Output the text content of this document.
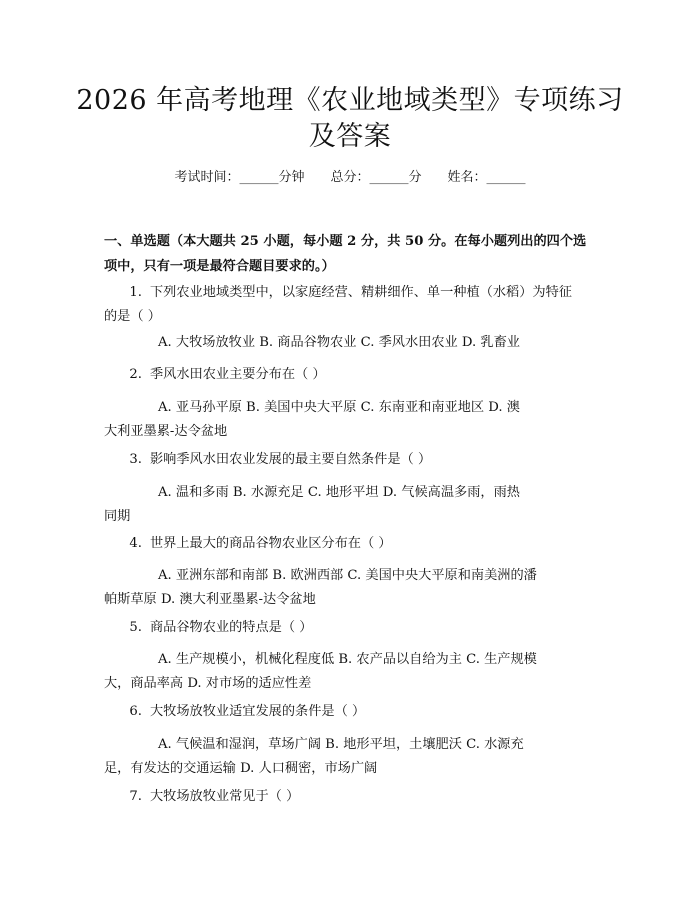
2026 年高考地理《农业地域类型》专项练习
及答案
考试时间：______分钟 总分：______分 姓名：______
一、单选题（本大题共 25 小题，每小题 2 分，共 50 分。在每小题列出的四个选
项中，只有一项是最符合题目要求的。）
1. 下列农业地域类型中，以家庭经营、精耕细作、单一种植（水稻）为特征
的是（ ）
A. 大牧场放牧业 B. 商品谷物农业 C. 季风水田农业 D. 乳畜业
2. 季风水田农业主要分布在（ ）
A. 亚马孙平原 B. 美国中央大平原 C. 东南亚和南亚地区 D. 澳
大利亚墨累-达令盆地
3. 影响季风水田农业发展的最主要自然条件是（ ）
A. 温和多雨 B. 水源充足 C. 地形平坦 D. 气候高温多雨，雨热
同期
4. 世界上最大的商品谷物农业区分布在（ ）
A. 亚洲东部和南部 B. 欧洲西部 C. 美国中央大平原和南美洲的潘
帕斯草原 D. 澳大利亚墨累-达令盆地
5. 商品谷物农业的特点是（ ）
A. 生产规模小，机械化程度低 B. 农产品以自给为主 C. 生产规模
大，商品率高 D. 对市场的适应性差
6. 大牧场放牧业适宜发展的条件是（ ）
A. 气候温和湿润，草场广阔 B. 地形平坦，土壤肥沃 C. 水源充
足，有发达的交通运输 D. 人口稠密，市场广阔
7. 大牧场放牧业常见于（ ）
